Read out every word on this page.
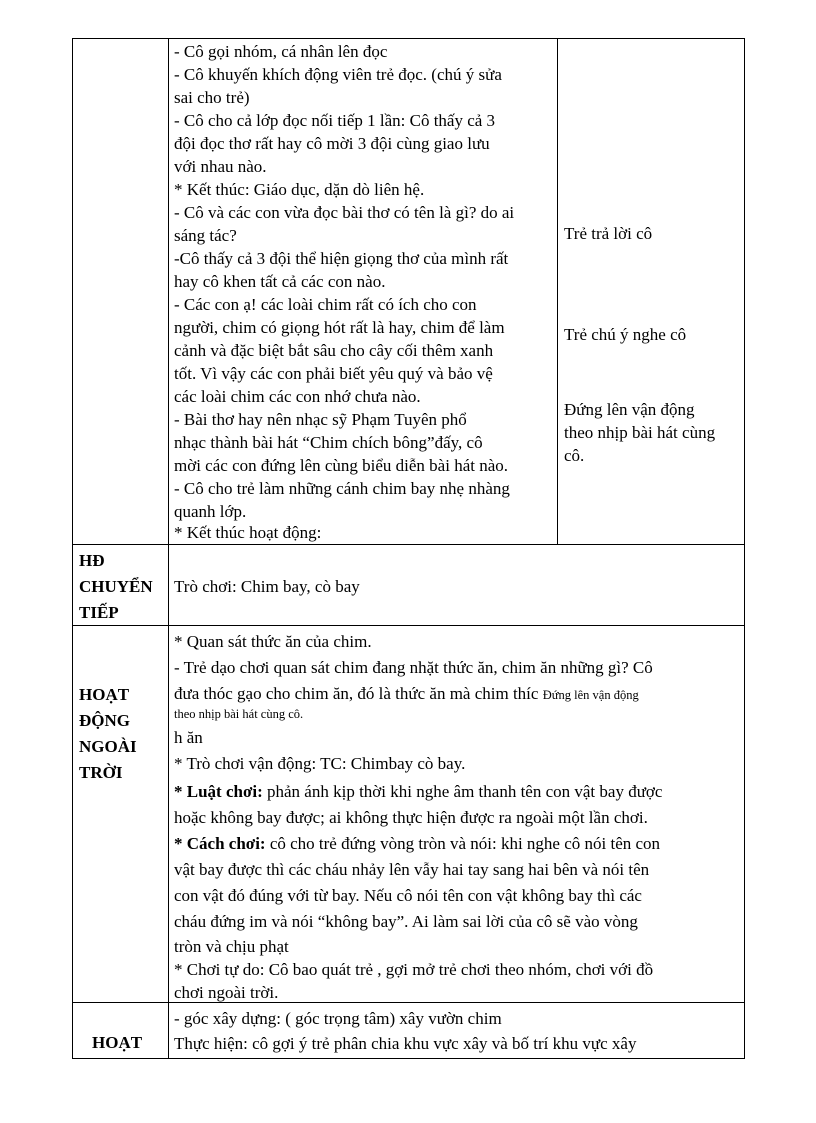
- Cô gọi nhóm, cá nhân lên đọc
- Cô khuyến khích động viên trẻ đọc. (chú ý sửa
sai cho trẻ)
- Cô cho cả lớp đọc nối tiếp 1 lần: Cô thấy cả 3
đội đọc thơ rất hay cô mời 3 đội cùng giao lưu
với nhau nào.
* Kết thúc: Giáo dục, dặn dò liên hệ.
- Cô và các con vừa đọc bài thơ có tên là gì? do ai
sáng tác?
-Cô thấy cả 3 đội thể hiện giọng thơ của mình rất
hay cô khen tất cả các con nào.
- Các con ạ! các loài chim rất có ích cho con
người, chim có giọng hót rất là hay, chim để làm
cảnh và đặc biệt bắt sâu cho cây cối thêm xanh
tốt. Vì vậy các con phải biết yêu quý và bảo vệ
các loài chim các con nhớ chưa nào.
- Bài thơ hay nên nhạc sỹ Phạm Tuyên phổ
nhạc thành bài hát “Chim chích bông”đấy, cô
mời các con đứng lên cùng biểu diễn bài hát nào.
- Cô cho trẻ làm những cánh chim bay nhẹ nhàng
quanh lớp.
* Kết thúc hoạt động:
Trẻ trả lời cô
Trẻ chú ý nghe cô
Đứng lên vận động
theo nhịp bài hát cùng
cô.
HĐ
CHUYỂN
TIẾP
Trò chơi: Chim bay, cò bay
HOẠT
ĐỘNG
NGOÀI
TRỜI
* Quan sát thức ăn của chim.
- Trẻ dạo chơi quan sát chim đang nhặt thức ăn, chim ăn những gì? Cô
đưa thóc gạo cho chim ăn, đó là thức ăn mà chim thíc Đứng lên vận động
theo nhịp bài hát cùng cô.
h ăn
* Trò chơi vận động: TC: Chimbay cò bay.
* Luật chơi: phản ánh kịp thời khi nghe âm thanh tên con vật bay được
hoặc không bay được; ai không thực hiện được ra ngoài một lần chơi.
* Cách chơi: cô cho trẻ đứng vòng tròn và nói: khi nghe cô nói tên con
vật bay được thì các cháu nhảy lên vẫy hai tay sang hai bên và nói tên
con vật đó đúng với từ bay. Nếu cô nói tên con vật không bay thì các
cháu đứng im và nói “không bay”. Ai làm sai lời của cô sẽ vào vòng
tròn và chịu phạt
* Chơi tự do: Cô bao quát trẻ , gợi mở trẻ chơi theo nhóm, chơi với đồ
chơi ngoài trời.
HOẠT
- góc xây dựng: ( góc trọng tâm) xây vườn chim
Thực hiện: cô gợi ý trẻ phân chia khu vực xây và bố trí khu vực xây
